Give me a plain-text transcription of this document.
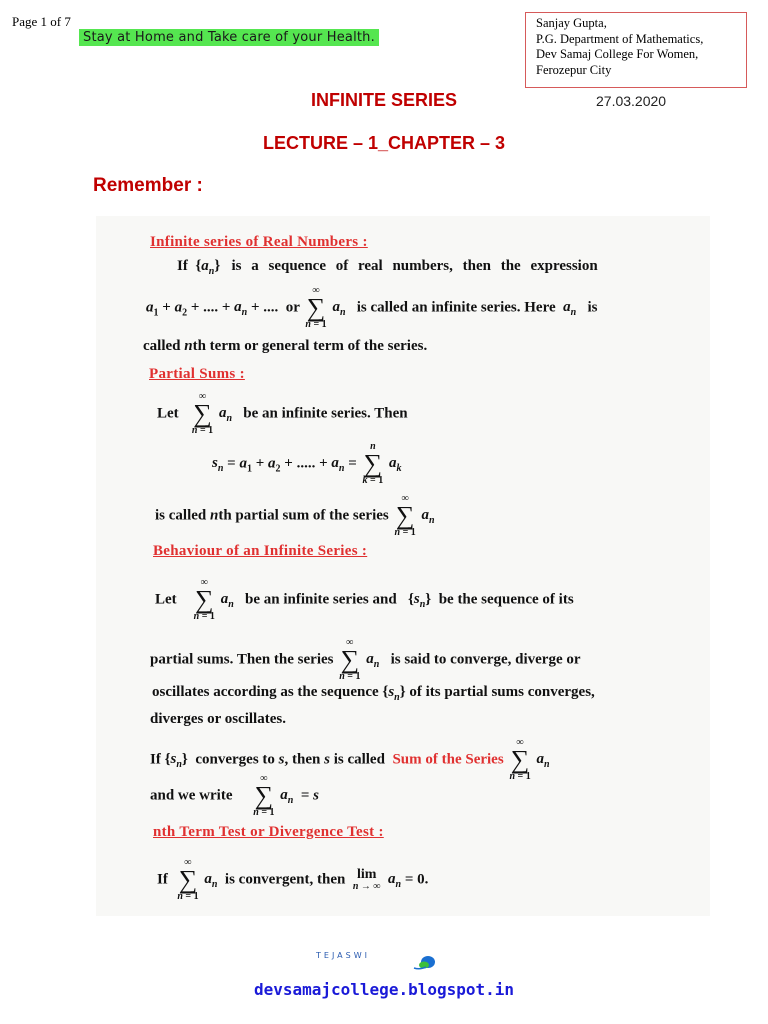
Page 1 of 7
Stay at Home and Take care of your Health.
Sanjay Gupta,
P.G. Department of Mathematics,
Dev Samaj College For Women,
Ferozepur City
INFINITE SERIES	27.03.2020
LECTURE – 1_CHAPTER – 3
Remember :
Infinite series of Real Numbers :
If  $\{a_n\}$   is a sequence of real numbers, then the expression
$a_1 + a_2$ + .... + $a_n$ + ....  or
∞
∑
n = 1
$a_n$ is called an infinite series. Here $a_n$ is
called nth term or general term of the series.
Partial Sums :
Let
∞
∑
n = 1
$a_n$ be an infinite series. Then
$s_n = a_1 + a_2$ + ..... + $a_n$ =
n
∑
k = 1
$a_k$
is called nth partial sum of the series
∞
∑
n = 1
$a_n$
Behaviour of an Infinite Series :
Let
∞
∑
n = 1
$a_n$ be an infinite series and   $\{s_n\}$  be the sequence of its
partial sums. Then the series
∞
∑
n = 1
$a_n$ is said to converge, diverge or
oscillates according as the sequence $\{s_n\}$ of its partial sums converges,
diverges or oscillates.
If $\{s_n\}$  converges to s, then s is called Sum of the Series
∞
∑
n = 1
$a_n$
and we write
∞
∑
n = 1
$a_n = s$
nth Term Test or Divergence Test :
If
∞
∑
n = 1
$a_n$ is convergent, then lim
n → ∞ $a_n = 0$.
TEJASWI
devsamajcollege.blogspot.in
